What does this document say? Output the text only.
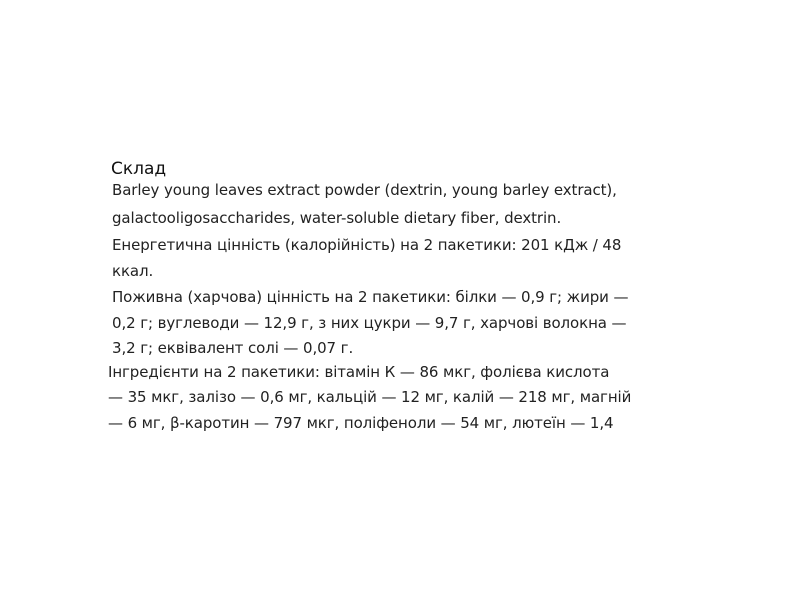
Склад
Barley young leaves extract powder (dextrin, young barley extract),
galactooligosaccharides, water-soluble dietary fiber, dextrin.
Енергетична цінність (калорійність) на 2 пакетики: 201 кДж / 48
ккал.
Поживна (харчова) цінність на 2 пакетики: білки — 0,9 г; жири —
0,2 г; вуглеводи — 12,9 г, з них цукри — 9,7 г, харчові волокна —
3,2 г; еквівалент солі — 0,07 г.
Інгредієнти на 2 пакетики: вітамін К — 86 мкг, фолієва кислота
— 35 мкг, залізо — 0,6 мг, кальцій — 12 мг, калій — 218 мг, магній
— 6 мг, β-каротин — 797 мкг, поліфеноли — 54 мг, лютеїн — 1,4
